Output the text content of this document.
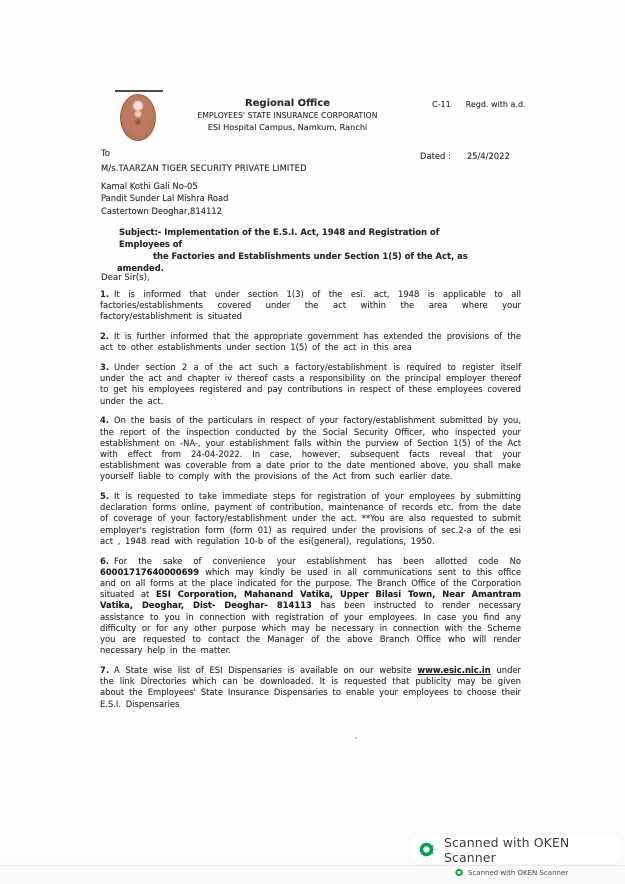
Regional Office
EMPLOYEES' STATE INSURANCE CORPORATION
ESI Hospital Campus, Namkum, Ranchi
C-11 Regd. with a.d.
To	Dated : 25/4/2022
M/s.TAARZAN TIGER SECURITY PRIVATE LIMITED
Kamal Kothi Gali No-05
Pandit Sunder Lal Mishra Road
Castertown Deoghar,814112
Subject:- Implementation of the E.S.I. Act, 1948 and Registration of Employees of
the Factories and Establishments under Section 1(5) of the Act, as
amended.
Dear Sir(s),

1. It is informed that under section 1(3) of the esi. act, 1948 is applicable to all factories/establishments covered under the act within the area where your factory/establishment is situated

2. It is further informed that the appropriate government has extended the provisions of the act to other establishments under section 1(5) of the act in this area

3. Under section 2 a of the act such a factory/establishment is required to register itself under the act and chapter iv thereof casts a responsibility on the principal employer thereof to get his employees registered and pay contributions in respect of these employees covered under the act.

4. On the basis of the particulars in respect of your factory/establishment submitted by you, the report of the inspection conducted by the Social Security Officer, who inspected your establishment on -NA-, your establishment falls within the purview of Section 1(5) of the Act with effect from 24-04-2022. In case, however, subsequent facts reveal that your establishment was coverable from a date prior to the date mentioned above, you shall make yourself liable to comply with the provisions of the Act from such earlier date.

5. It is requested to take immediate steps for registration of your employees by submitting declaration forms online, payment of contribution, maintenance of records etc. from the date of coverage of your factory/establishment under the act. **You are also requested to submit employer's registration form (form 01) as required under the provisions of sec.2-a of the esi act , 1948 read with regulation 10-b of the esi(general), regulations, 1950.

6. For the sake of convenience your establishment has been allotted code No 60001717640000699 which may kindly be used in all communications sent to this office and on all forms at the place indicated for the purpose. The Branch Office of the Corporation situated at ESI Corporation, Mahanand Vatika, Upper Bilasi Town, Near Amantram Vatika, Deoghar, Dist- Deoghar- 814113 has been instructed to render necessary assistance to you in connection with registration of your employees. In case you find any difficulty or for any other purpose which may be necessary in connection with the Scheme you are requested to contact the Manager of the above Branch Office who will render necessary help in the matter.

7. A State wise list of ESI Dispensaries is available on our website www.esic.nic.in under the link Directories which can be downloaded. It is requested that publicity may be given about the Employees' State Insurance Dispensaries to enable your employees to choose their E.S.I. Dispensaries

Scanned with OKEN Scanner
Scanned with OKEN Scanner
